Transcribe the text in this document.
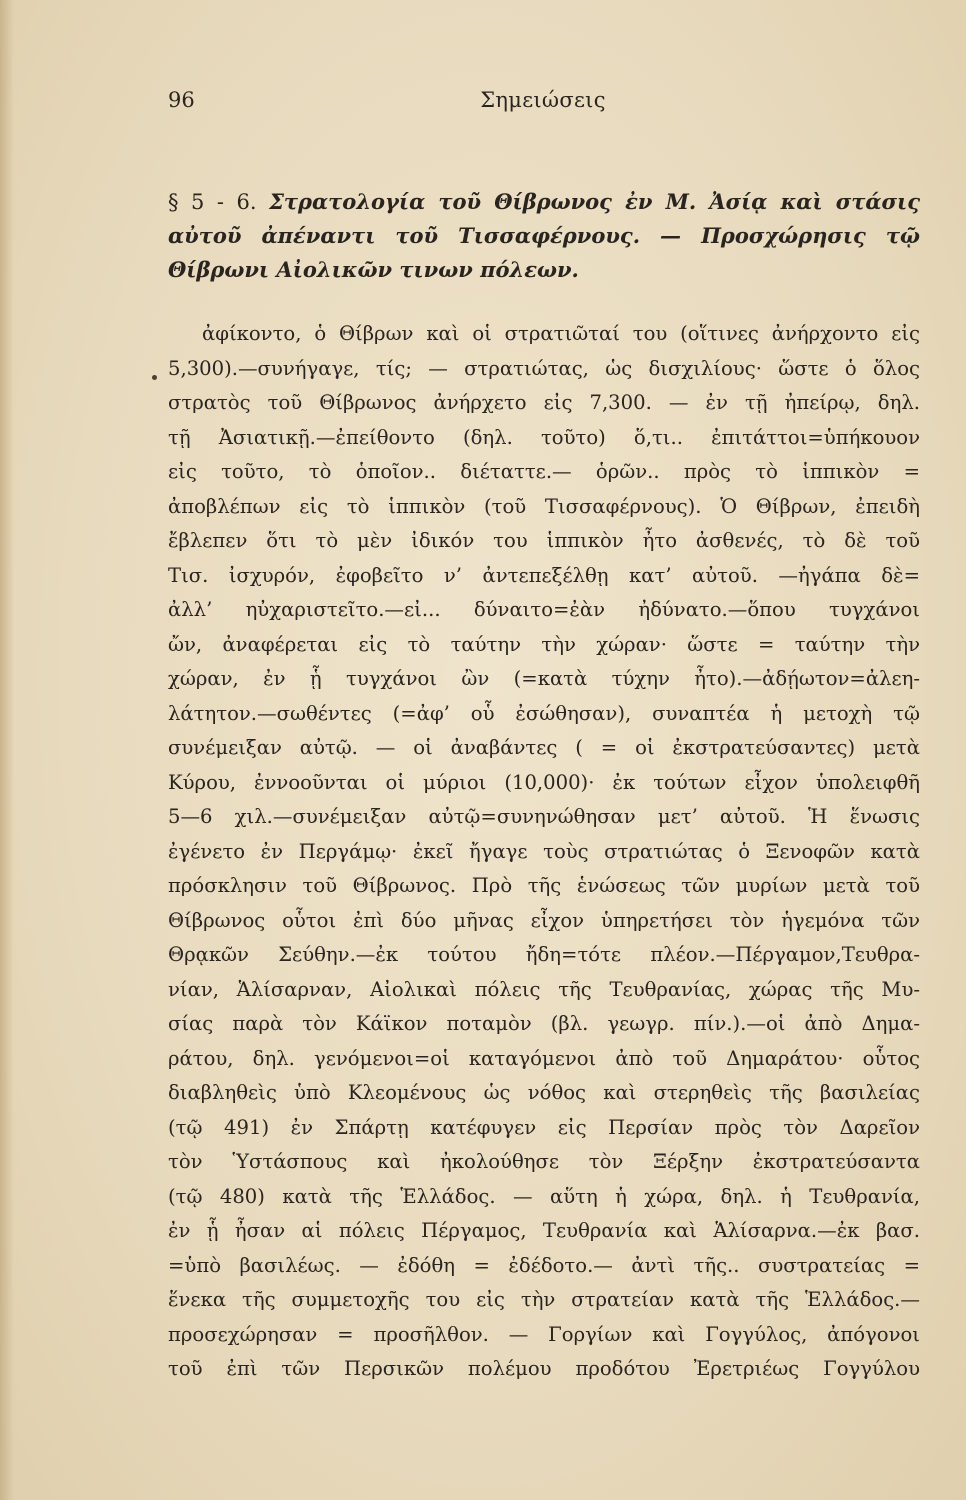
96	Σημειώσεις
§ 5 - 6. Στρατολογία τοῦ Θίβρωνος ἐν Μ. Ἀσίᾳ καὶ στάσις αὐτοῦ ἀπέναντι τοῦ Τισσαφέρνους. — Προσχώρησις τῷ Θίβρωνι Αἰολικῶν τινων πόλεων.
ἀφίκοντο, ὁ Θίβρων καὶ οἱ στρατιῶταί του (οἵτινες ἀνήρχοντο εἰς
5,300).—συνήγαγε, τίς; — στρατιώτας, ὡς δισχιλίους· ὥστε ὁ ὅλος
στρατὸς τοῦ Θίβρωνος ἀνήρχετο εἰς 7,300. — ἐν τῇ ἠπείρῳ, δηλ.
τῇ Ἀσιατικῇ.—ἐπείθοντο (δηλ. τοῦτο) ὅ,τι.. ἐπιτάττοι=ὑπήκουον
εἰς τοῦτο, τὸ ὁποῖον.. διέταττε.— ὁρῶν.. πρὸς τὸ ἱππικὸν =
ἀποβλέπων εἰς τὸ ἱππικὸν (τοῦ Τισσαφέρνους). Ὁ Θίβρων, ἐπειδὴ
ἔβλεπεν ὅτι τὸ μὲν ἰδικόν του ἱππικὸν ἦτο ἀσθενές, τὸ δὲ τοῦ
Τισ. ἰσχυρόν, ἐφοβεῖτο ν’ ἀντεπεξέλθῃ κατ’ αὐτοῦ. —ἠγάπα δὲ=
ἀλλ’ ηὐχαριστεῖτο.—εἰ... δύναιτο=ἐὰν ἠδύνατο.—ὅπου τυγχάνοι
ὤν, ἀναφέρεται εἰς τὸ ταύτην τὴν χώραν· ὥστε = ταύτην τὴν
χώραν, ἐν ᾗ τυγχάνοι ὢν (=κατὰ τύχην ἦτο).—ἀδῄωτον=ἀλεη-
λάτητον.—σωθέντες (=ἀφ’ οὗ ἐσώθησαν), συναπτέα ἡ μετοχὴ τῷ
συνέμειξαν αὐτῷ. — οἱ ἀναβάντες ( = οἱ ἐκστρατεύσαντες) μετὰ
Κύρου, ἐννοοῦνται οἱ μύριοι (10,000)· ἐκ τούτων εἶχον ὑπολειφθῆ
5—6 χιλ.—συνέμειξαν αὐτῷ=συνηνώθησαν μετ’ αὐτοῦ. Ἡ ἕνωσις
ἐγένετο ἐν Περγάμῳ· ἐκεῖ ἤγαγε τοὺς στρατιώτας ὁ Ξενοφῶν κατὰ
πρόσκλησιν τοῦ Θίβρωνος. Πρὸ τῆς ἑνώσεως τῶν μυρίων μετὰ τοῦ
Θίβρωνος οὗτοι ἐπὶ δύο μῆνας εἶχον ὑπηρετήσει τὸν ἡγεμόνα τῶν
Θρᾳκῶν Σεύθην.—ἐκ τούτου ἤδη=τότε πλέον.—Πέργαμον,Τευθρα-
νίαν, Ἁλίσαρναν, Αἰολικαὶ πόλεις τῆς Τευθρανίας, χώρας τῆς Μυ-
σίας παρὰ τὸν Κάϊκον ποταμὸν (βλ. γεωγρ. πίν.).—οἱ ἀπὸ Δημα-
ράτου, δηλ. γενόμενοι=οἱ καταγόμενοι ἀπὸ τοῦ Δημαράτου· οὗτος
διαβληθεὶς ὑπὸ Κλεομένους ὡς νόθος καὶ στερηθεὶς τῆς βασιλείας
(τῷ 491) ἐν Σπάρτῃ κατέφυγεν εἰς Περσίαν πρὸς τὸν Δαρεῖον
τὸν Ὑστάσπους καὶ ἠκολούθησε τὸν Ξέρξην ἐκστρατεύσαντα
(τῷ 480) κατὰ τῆς Ἑλλάδος. — αὕτη ἡ χώρα, δηλ. ἡ Τευθρανία,
ἐν ᾗ ἦσαν αἱ πόλεις Πέργαμος, Τευθρανία καὶ Ἁλίσαρνα.—ἐκ βασ.
=ὑπὸ βασιλέως. — ἐδόθη = ἐδέδοτο.— ἀντὶ τῆς.. συστρατείας =
ἕνεκα τῆς συμμετοχῆς του εἰς τὴν στρατείαν κατὰ τῆς Ἑλλάδος.—
προσεχώρησαν = προσῆλθον. — Γοργίων καὶ Γογγύλος, ἀπόγονοι
τοῦ ἐπὶ τῶν Περσικῶν πολέμου προδότου Ἐρετριέως Γογγύλου
